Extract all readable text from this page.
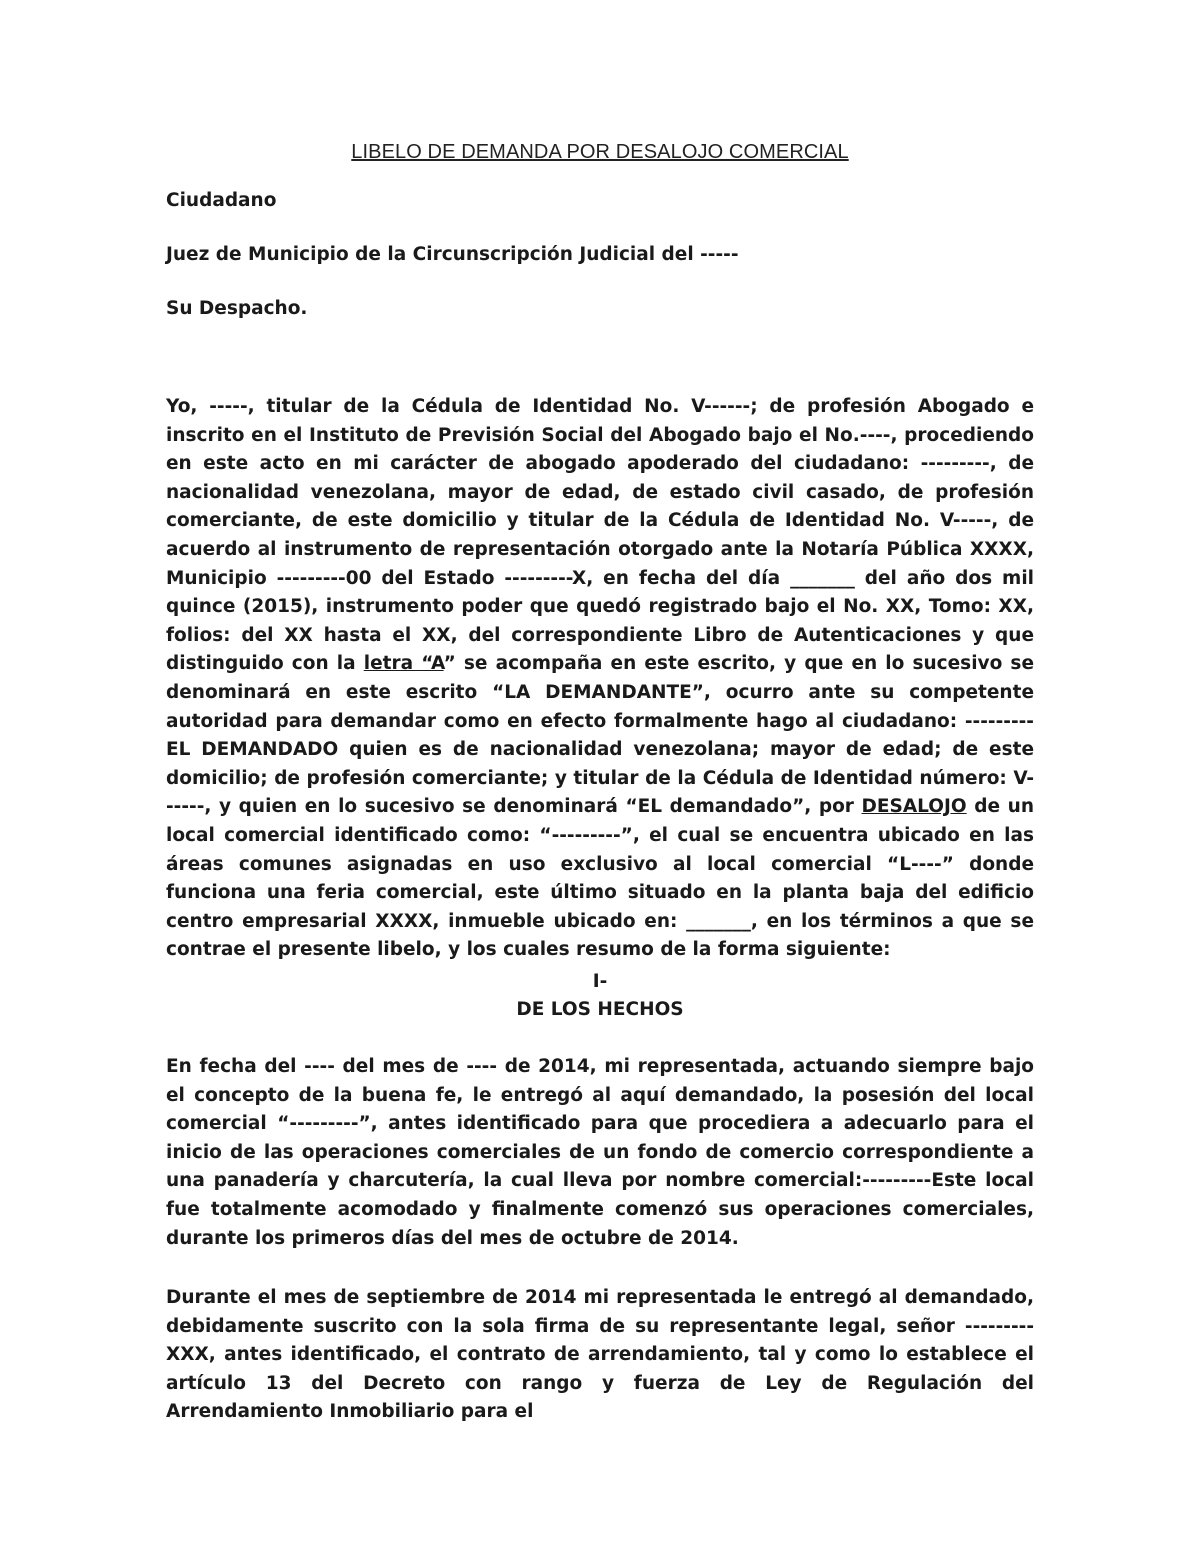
LIBELO DE DEMANDA POR DESALOJO COMERCIAL
Ciudadano
Juez de Municipio de la Circunscripción Judicial del -----
Su Despacho.
Yo, -----, titular de la Cédula de Identidad No. V------; de profesión Abogado e inscrito en el Instituto de Previsión Social del Abogado bajo el No.----, procediendo en este acto en mi carácter de abogado apoderado del ciudadano: ---------, de nacionalidad venezolana, mayor de edad, de estado civil casado, de profesión comerciante, de este domicilio y titular de la Cédula de Identidad No. V-----, de acuerdo al instrumento de representación otorgado ante la Notaría Pública XXXX, Municipio ---------00 del Estado ---------X, en fecha del día _______ del año dos mil quince (2015), instrumento poder que quedó registrado bajo el No. XX, Tomo: XX, folios: del XX hasta el XX, del correspondiente Libro de Autenticaciones y que distinguido con la letra “A” se acompaña en este escrito, y que en lo sucesivo se denominará en este escrito “LA DEMANDANTE”, ocurro ante su competente autoridad para demandar como en efecto formalmente hago al ciudadano: --------- EL DEMANDADO quien es de nacionalidad venezolana; mayor de edad; de este domicilio; de profesión comerciante; y titular de la Cédula de Identidad número: V------, y quien en lo sucesivo se denominará “EL demandado”, por DESALOJO de un local comercial identificado como: “---------”, el cual se encuentra ubicado en las áreas comunes asignadas en uso exclusivo al local comercial “L----” donde funciona una feria comercial, este último situado en la planta baja del edificio centro empresarial XXXX, inmueble ubicado en: _______, en los términos a que se contrae el presente libelo, y los cuales resumo de la forma siguiente:
I-
DE LOS HECHOS
En fecha del ---- del mes de ---- de 2014, mi representada, actuando siempre bajo el concepto de la buena fe, le entregó al aquí demandado, la posesión del local comercial “---------”, antes identificado para que procediera a adecuarlo para el inicio de las operaciones comerciales de un fondo de comercio correspondiente a una panadería y charcutería, la cual lleva por nombre comercial:---------Este local fue totalmente acomodado y finalmente comenzó sus operaciones comerciales, durante los primeros días del mes de octubre de 2014.
Durante el mes de septiembre de 2014 mi representada le entregó al demandado, debidamente suscrito con la sola firma de su representante legal, señor ---------XXX, antes identificado, el contrato de arrendamiento, tal y como lo establece el artículo 13 del Decreto con rango y fuerza de Ley de Regulación del Arrendamiento Inmobiliario para el
